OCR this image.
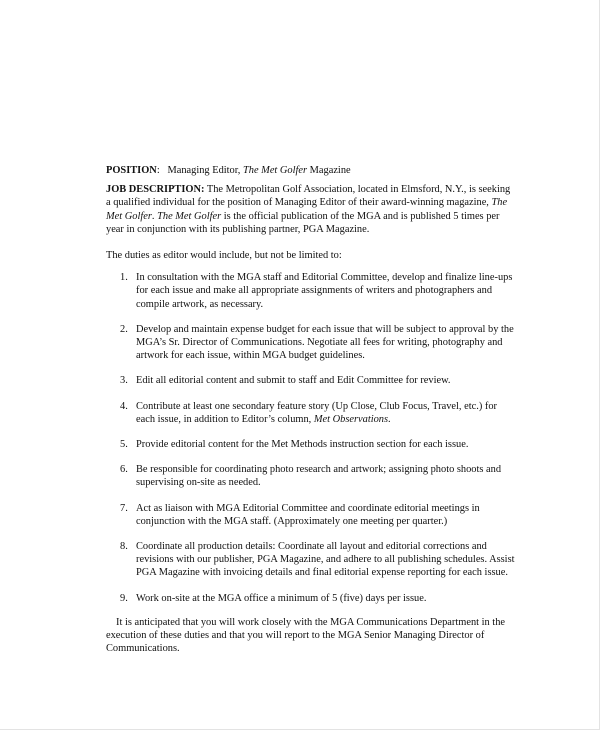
POSITION:   Managing Editor, The Met Golfer Magazine

JOB DESCRIPTION: The Metropolitan Golf Association, located in Elmsford, N.Y., is seeking a qualified individual for the position of Managing Editor of their award-winning magazine, The Met Golfer. The Met Golfer is the official publication of the MGA and is published 5 times per year in conjunction with its publishing partner, PGA Magazine.

The duties as editor would include, but not be limited to:

1. In consultation with the MGA staff and Editorial Committee, develop and finalize line-ups for each issue and make all appropriate assignments of writers and photographers and compile artwork, as necessary.
2. Develop and maintain expense budget for each issue that will be subject to approval by the MGA’s Sr. Director of Communications. Negotiate all fees for writing, photography and artwork for each issue, within MGA budget guidelines.
3. Edit all editorial content and submit to staff and Edit Committee for review.
4. Contribute at least one secondary feature story (Up Close, Club Focus, Travel, etc.) for each issue, in addition to Editor’s column, Met Observations.
5. Provide editorial content for the Met Methods instruction section for each issue.
6. Be responsible for coordinating photo research and artwork; assigning photo shoots and supervising on-site as needed.
7. Act as liaison with MGA Editorial Committee and coordinate editorial meetings in conjunction with the MGA staff. (Approximately one meeting per quarter.)
8. Coordinate all production details: Coordinate all layout and editorial corrections and revisions with our publisher, PGA Magazine, and adhere to all publishing schedules. Assist PGA Magazine with invoicing details and final editorial expense reporting for each issue.
9. Work on-site at the MGA office a minimum of 5 (five) days per issue.

It is anticipated that you will work closely with the MGA Communications Department in the execution of these duties and that you will report to the MGA Senior Managing Director of Communications.
